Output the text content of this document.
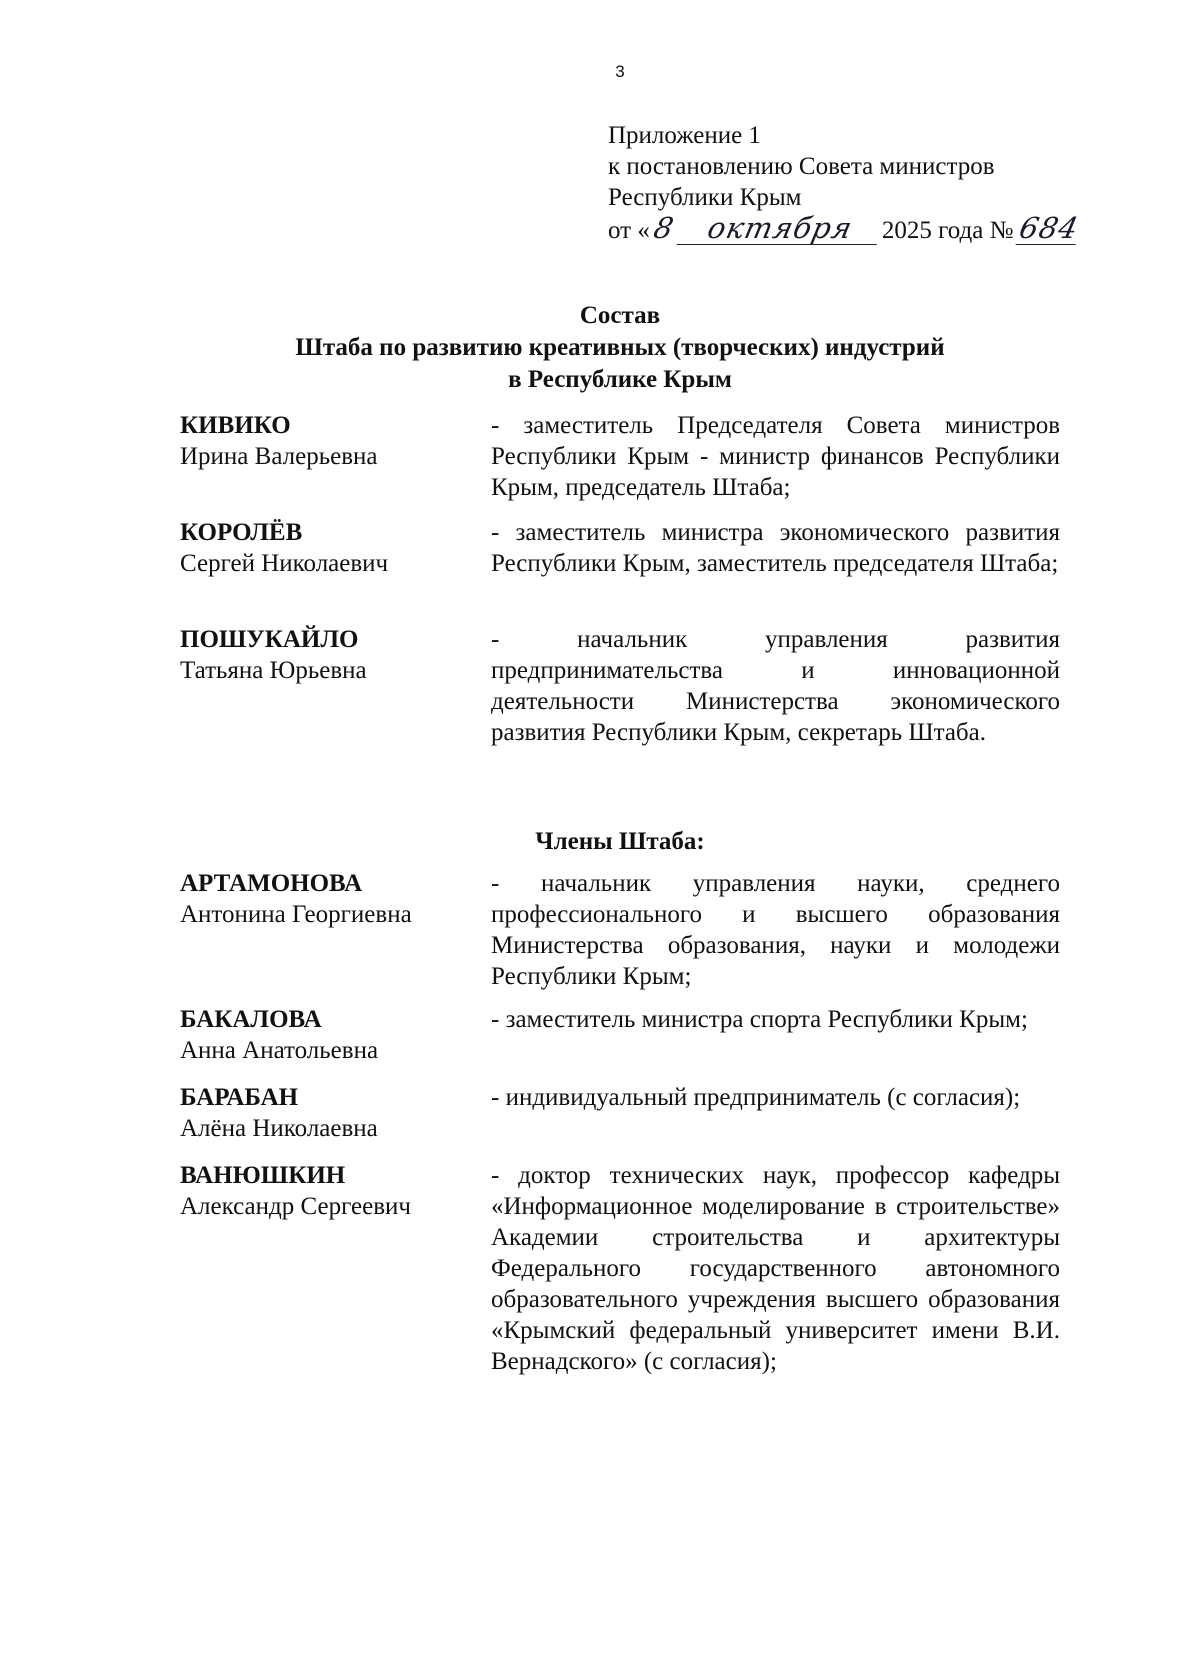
3
Приложение 1
к постановлению Совета министров
Республики Крым
от « 8 октября	2025 года № 684
Состав
Штаба по развитию креативных (творческих) индустрий
в Республике Крым
КИВИКО
Ирина Валерьевна
- заместитель Председателя Совета министров Республики Крым - министр финансов Республики Крым, председатель Штаба;
КОРОЛЁВ
Сергей Николаевич
- заместитель министра экономического развития Республики Крым, заместитель председателя Штаба;
ПОШУКАЙЛО
Татьяна Юрьевна
- начальник управления развития предпринимательства и инновационной деятельности Министерства экономического развития Республики Крым, секретарь Штаба.
Члены Штаба:
АРТАМОНОВА
Антонина Георгиевна
- начальник управления науки, среднего профессионального и высшего образования Министерства образования, науки и молодежи Республики Крым;
БАКАЛОВА
Анна Анатольевна
- заместитель министра спорта Республики Крым;
БАРАБАН
Алёна Николаевна
- индивидуальный предприниматель (с согласия);
ВАНЮШКИН
Александр Сергеевич
- доктор технических наук, профессор кафедры «Информационное моделирование в строительстве» Академии строительства и архитектуры Федерального государственного автономного образовательного учреждения высшего образования «Крымский федеральный университет имени В.И. Вернадского» (с согласия);
